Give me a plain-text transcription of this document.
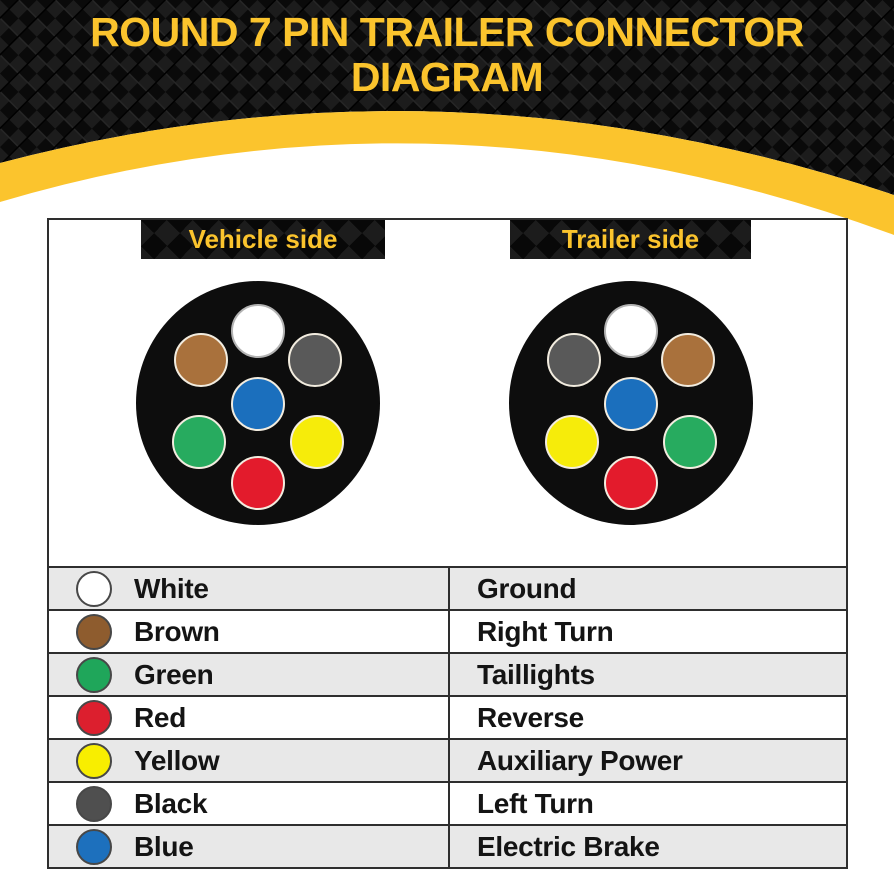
ROUND 7 PIN TRAILER CONNECTOR
DIAGRAM
Vehicle side	Trailer side
White	Ground
Brown	Right Turn
Green	Taillights
Red	Reverse
Yellow	Auxiliary Power
Black	Left Turn
Blue	Electric Brake
